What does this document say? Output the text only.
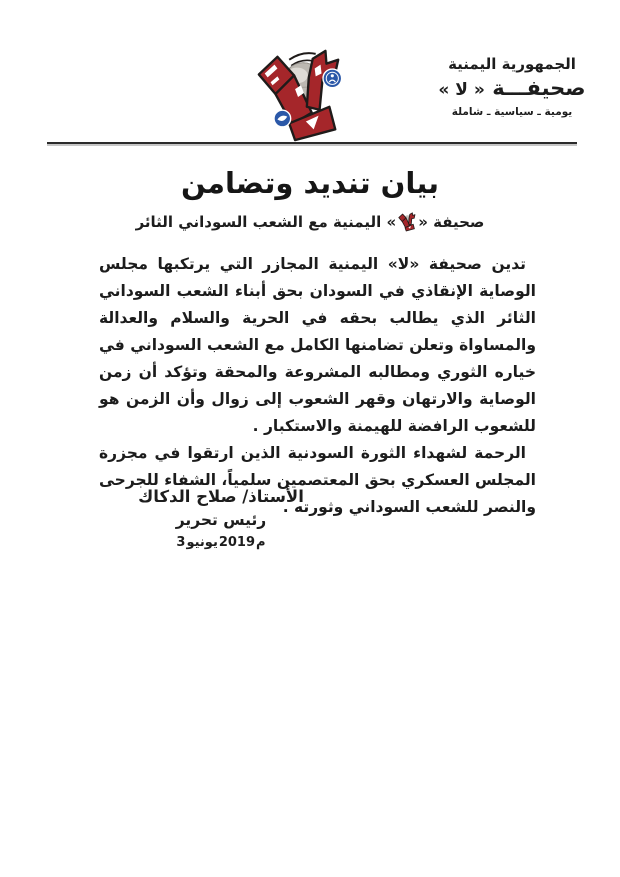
الجمهورية اليمنية
صحيفـــة « لا »
يومية ـ سياسية ـ شاملة
بيان تنديد وتضامن
صحيفة «» اليمنية مع الشعب السوداني الثائر

تدين صحيفة «لا» اليمنية المجازر التي يرتكبها مجلس الوصاية الإنقاذي في السودان بحق أبناء الشعب السوداني الثائر الذي يطالب بحقه في الحرية والسلام والعدالة والمساواة وتعلن تضامنها الكامل مع الشعب السوداني في خياره الثوري ومطالبه المشروعة والمحقة وتؤكد أن زمن الوصاية والارتهان وقهر الشعوب إلى زوال وأن الزمن هو للشعوب الرافضة للهيمنة والاستكبار .

الرحمة لشهداء الثورة السودنية الذين ارتقوا في مجزرة المجلس العسكري بحق المعتصمين سلمياً، الشفاء للجرحى والنصر للشعب السوداني وثورته .

الأستاذ/ صلاح الدكاك
رئيس تحرير
3 يونيو 2019 م
